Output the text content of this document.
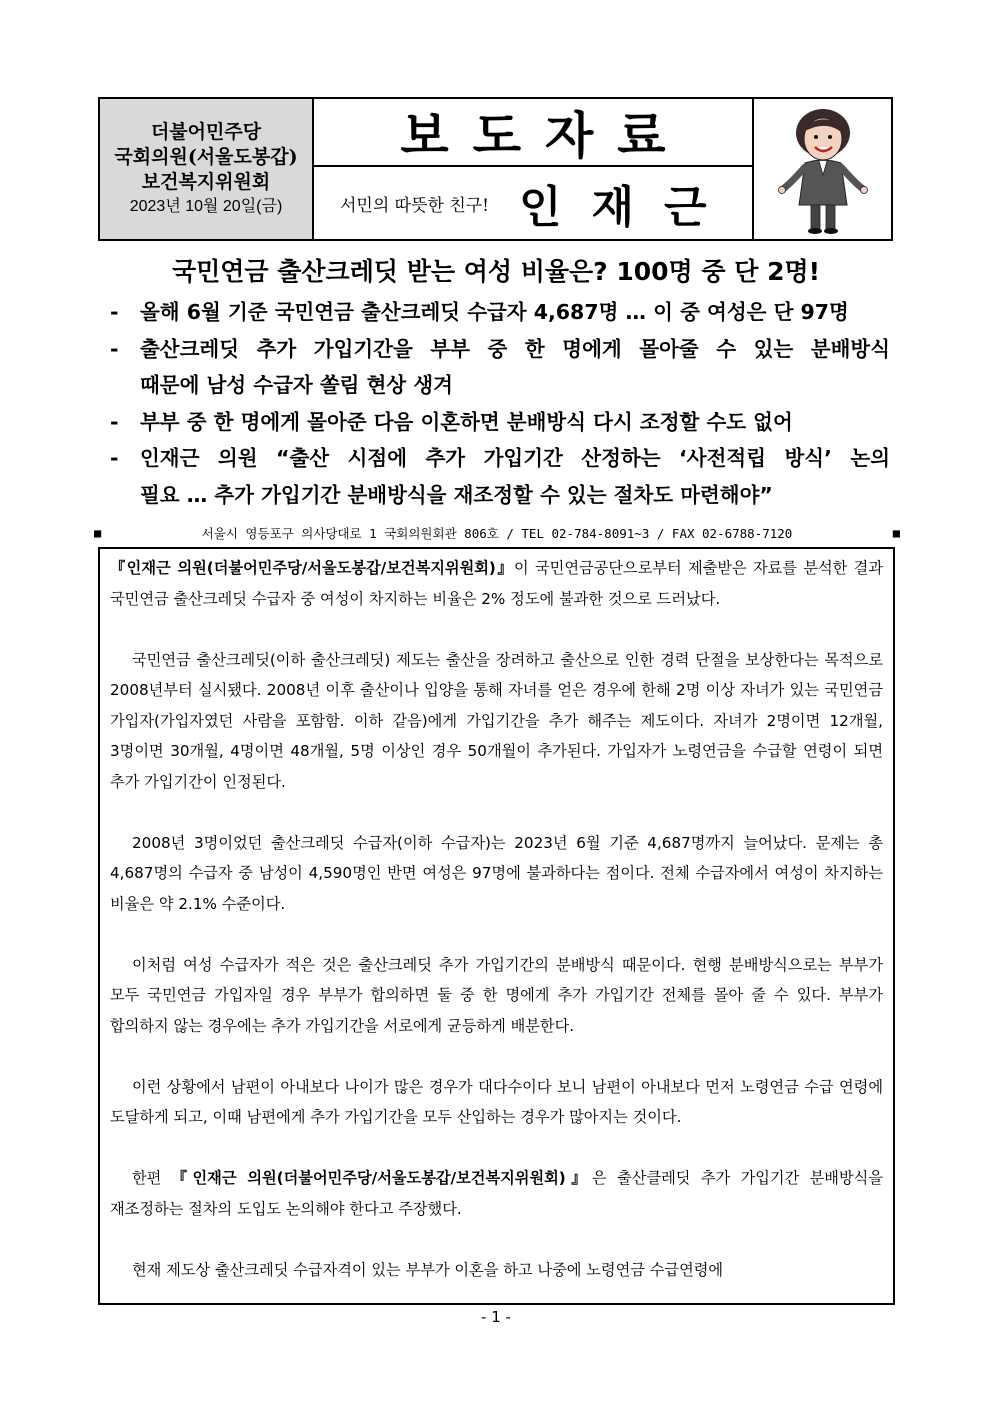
더불어민주당
국회의원(서울도봉갑)
보건복지위원회
2023년 10월 20일(금)
보도자료
서민의 따뜻한 친구! 인재근
국민연금 출산크레딧 받는 여성 비율은? 100명 중 단 2명!
-	올해 6월 기준 국민연금 출산크레딧 수급자 4,687명 … 이 중 여성은 단 97명
-	출산크레딧 추가 가입기간을 부부 중 한 명에게 몰아줄 수 있는 분배방식
때문에 남성 수급자 쏠림 현상 생겨
-	부부 중 한 명에게 몰아준 다음 이혼하면 분배방식 다시 조정할 수도 없어
-	인재근 의원 “출산 시점에 추가 가입기간 산정하는 ‘사전적립 방식’ 논의
필요 … 추가 가입기간 분배방식을 재조정할 수 있는 절차도 마련해야”
■	서울시 영등포구 의사당대로 1 국회의원회관 806호 / TEL 02-784-8091~3 / FAX 02-6788-7120	■

『인재근 의원(더불어민주당/서울도봉갑/보건복지위원회)』이 국민연금공단으로부터 제출받은 자료를 분석한 결과 국민연금 출산크레딧 수급자 중 여성이 차지하는 비율은 2% 정도에 불과한 것으로 드러났다.

국민연금 출산크레딧(이하 출산크레딧) 제도는 출산을 장려하고 출산으로 인한 경력 단절을 보상한다는 목적으로 2008년부터 실시됐다. 2008년 이후 출산이나 입양을 통해 자녀를 얻은 경우에 한해 2명 이상 자녀가 있는 국민연금 가입자(가입자였던 사람을 포함함. 이하 같음)에게 가입기간을 추가 해주는 제도이다. 자녀가 2명이면 12개월, 3명이면 30개월, 4명이면 48개월, 5명 이상인 경우 50개월이 추가된다. 가입자가 노령연금을 수급할 연령이 되면 추가 가입기간이 인정된다.

2008년 3명이었던 출산크레딧 수급자(이하 수급자)는 2023년 6월 기준 4,687명까지 늘어났다. 문제는 총 4,687명의 수급자 중 남성이 4,590명인 반면 여성은 97명에 불과하다는 점이다. 전체 수급자에서 여성이 차지하는 비율은 약 2.1% 수준이다.

이처럼 여성 수급자가 적은 것은 출산크레딧 추가 가입기간의 분배방식 때문이다. 현행 분배방식으로는 부부가 모두 국민연금 가입자일 경우 부부가 합의하면 둘 중 한 명에게 추가 가입기간 전체를 몰아 줄 수 있다. 부부가 합의하지 않는 경우에는 추가 가입기간을 서로에게 균등하게 배분한다.

이런 상황에서 남편이 아내보다 나이가 많은 경우가 대다수이다 보니 남편이 아내보다 먼저 노령연금 수급 연령에 도달하게 되고, 이때 남편에게 추가 가입기간을 모두 산입하는 경우가 많아지는 것이다.

한편 『인재근 의원(더불어민주당/서울도봉갑/보건복지위원회)』은 출산클레딧 추가 가입기간 분배방식을 재조정하는 절차의 도입도 논의해야 한다고 주장했다.

현재 제도상 출산크레딧 수급자격이 있는 부부가 이혼을 하고 나중에 노령연금 수급연령에

- 1 -
